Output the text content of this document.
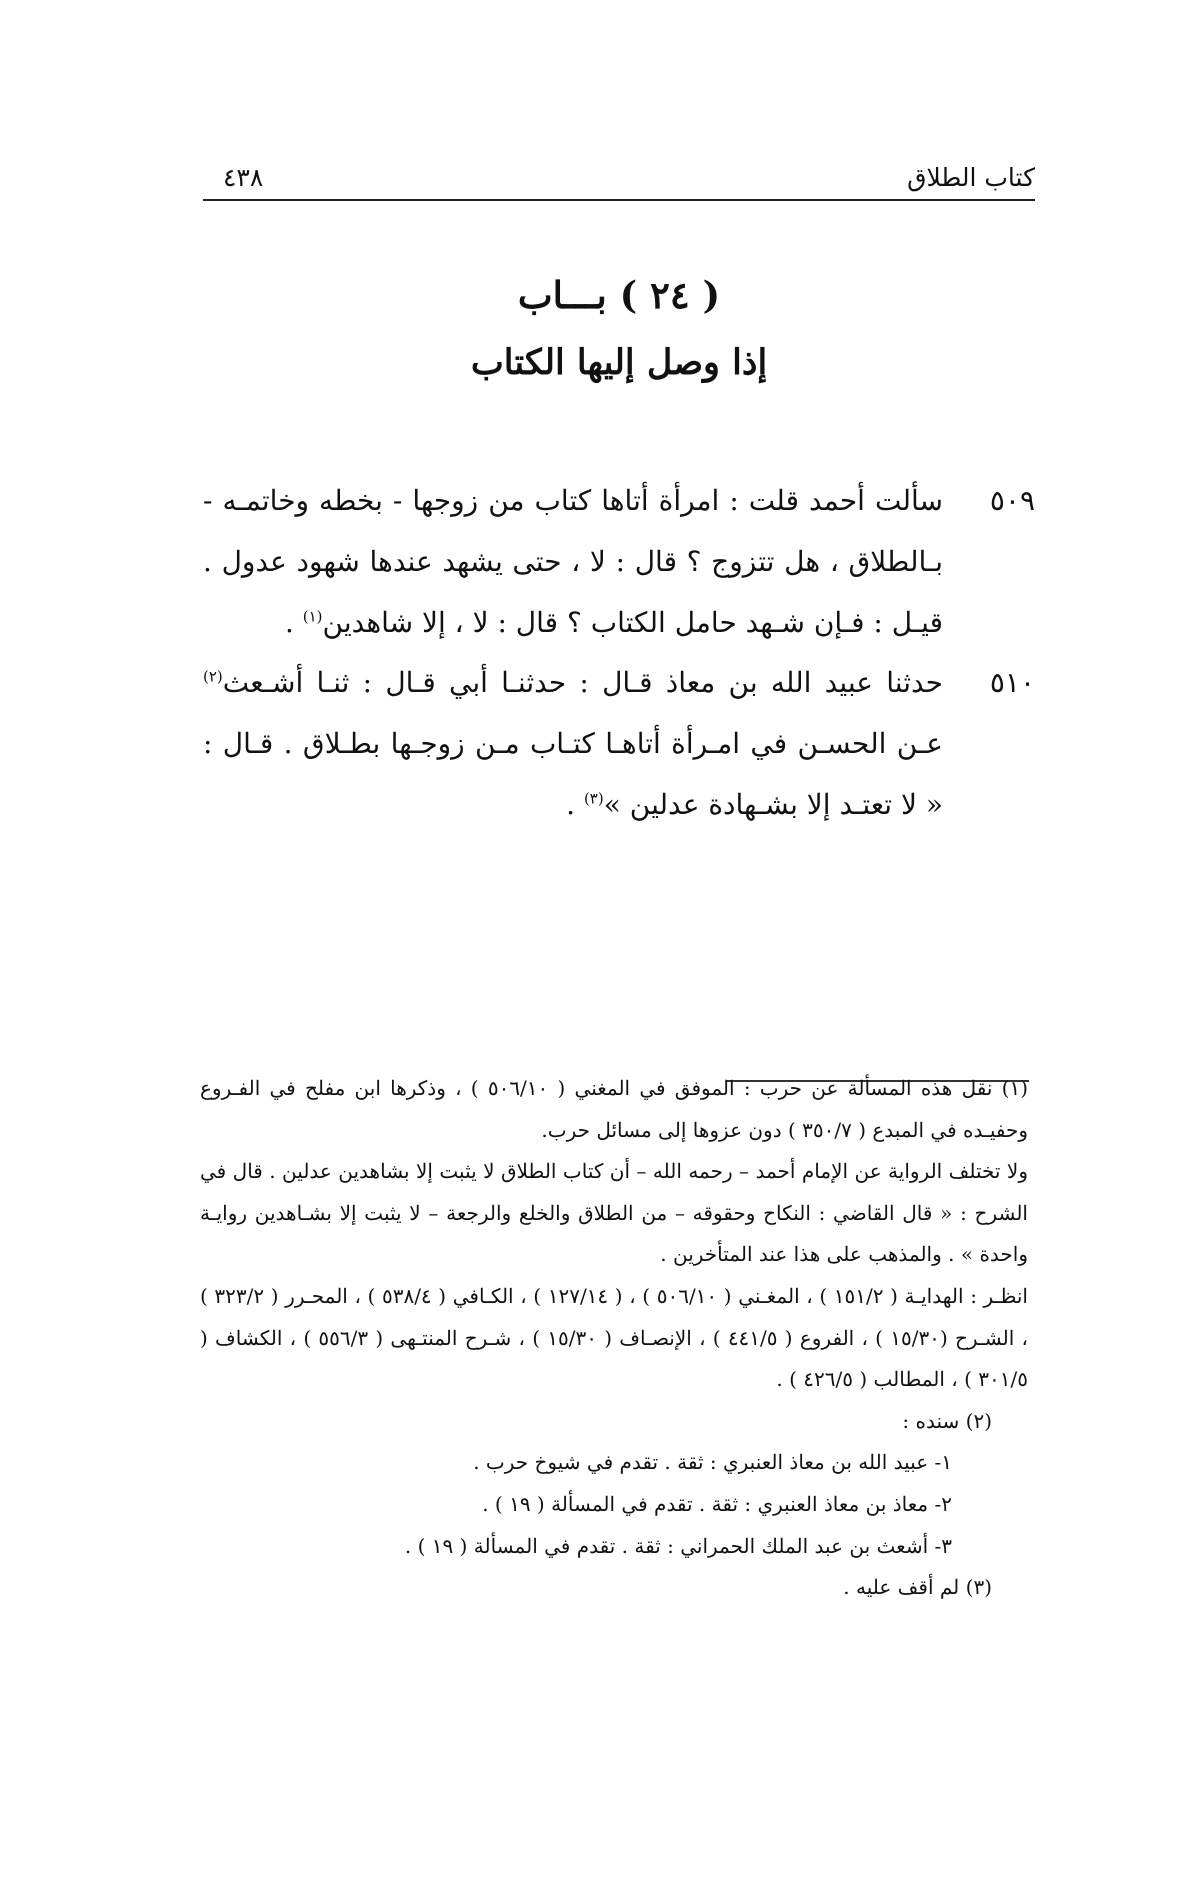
كتاب الطلاق
٤٣٨
( ٢٤ ) بـــاب
إذا وصل إليها الكتاب
٥٠٩
سألت أحمد قلت : امرأة أتاها كتاب من زوجها - بخطه وخاتمـه - بـالطلاق ، هل تتزوج ؟ قال : لا ، حتى يشهد عندها شهود عدول . قيـل : فـإن شـهد حامل الكتاب ؟ قال : لا ، إلا شاهدين$^{(١)}$ .
٥١٠
حدثنا عبيد الله بن معاذ قـال : حدثنـا أبي قـال : ثنـا أشـعث$^{(٢)}$ عـن الحسـن في امـرأة أتاهـا كتـاب مـن زوجـها بطـلاق . قـال : « لا تعتـد إلا بشـهادة عدلين »$^{(٣)}$ .
(١) نقل هذه المسألة عن حرب : الموفق في المغني ( ٥٠٦/١٠ ) ، وذكرها ابن مفلح في الفـروع وحفيـده في المبدع ( ٣٥٠/٧ ) دون عزوها إلى مسائل حرب.
ولا تختلف الرواية عن الإمام أحمد – رحمه الله – أن كتاب الطلاق لا يثبت إلا بشاهدين عدلين . قال في الشرح : « قال القاضي : النكاح وحقوقه – من الطلاق والخلع والرجعة – لا يثبت إلا بشـاهدين روايـة واحدة » . والمذهب على هذا عند المتأخرين .
انظـر : الهدايـة ( ١٥١/٢ ) ، المغـني ( ٥٠٦/١٠ ) ، ( ١٢٧/١٤ ) ، الكـافي ( ٥٣٨/٤ ) ، المحـرر ( ٣٢٣/٢ ) ، الشـرح (١٥/٣٠ ) ، الفروع ( ٤٤١/٥ ) ، الإنصـاف ( ١٥/٣٠ ) ، شـرح المنتـهى ( ٥٥٦/٣ ) ، الكشاف ( ٣٠١/٥ ) ، المطالب ( ٤٢٦/٥ ) .
(٢) سنده :
١- عبيد الله بن معاذ العنبري : ثقة . تقدم في شيوخ حرب .
٢- معاذ بن معاذ العنبري : ثقة . تقدم في المسألة ( ١٩ ) .
٣- أشعث بن عبد الملك الحمراني : ثقة . تقدم في المسألة ( ١٩ ) .
(٣) لم أقف عليه .
